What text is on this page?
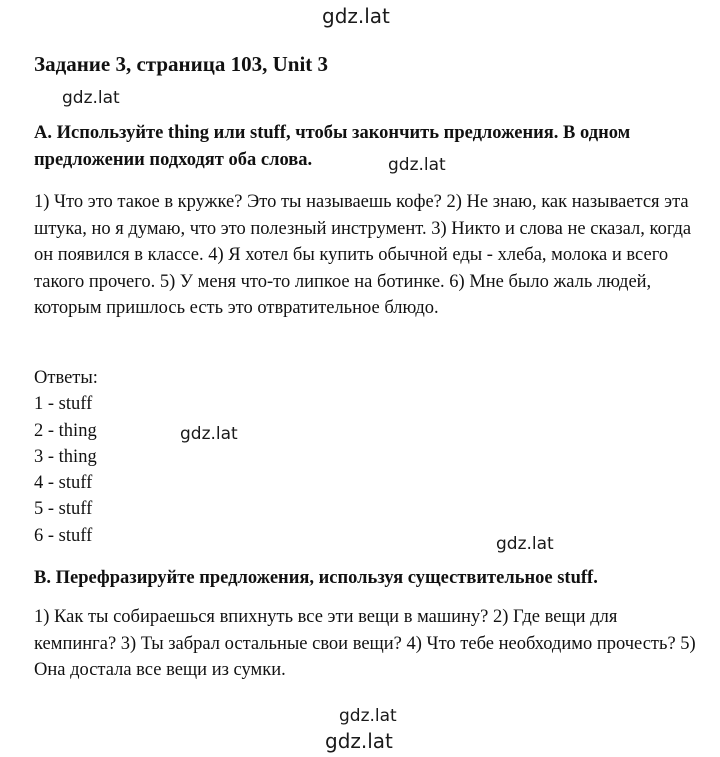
gdz.lat
Задание 3, страница 103, Unit 3
gdz.lat
A. Используйте thing или stuff, чтобы закончить предложения. В одном предложении подходят оба слова.	gdz.lat

1) Что это такое в кружке? Это ты называешь кофе? 2) Не знаю, как называется эта штука, но я думаю, что это полезный инструмент. 3) Никто и слова не сказал, когда он появился в классе. 4) Я хотел бы купить обычной еды - хлеба, молока и всего такого прочего. 5) У меня что-то липкое на ботинке. 6) Мне было жаль людей, которым пришлось есть это отвратительное блюдо.

Ответы:
1 - stuff
2 - thing
3 - thing
4 - stuff
5 - stuff
6 - stuff
gdz.lat
gdz.lat
B. Перефразируйте предложения, используя существительное stuff.

1) Как ты собираешься впихнуть все эти вещи в машину? 2) Где вещи для кемпинга? 3) Ты забрал остальные свои вещи? 4) Что тебе необходимо прочесть? 5) Она достала все вещи из сумки.

gdz.lat
gdz.lat
